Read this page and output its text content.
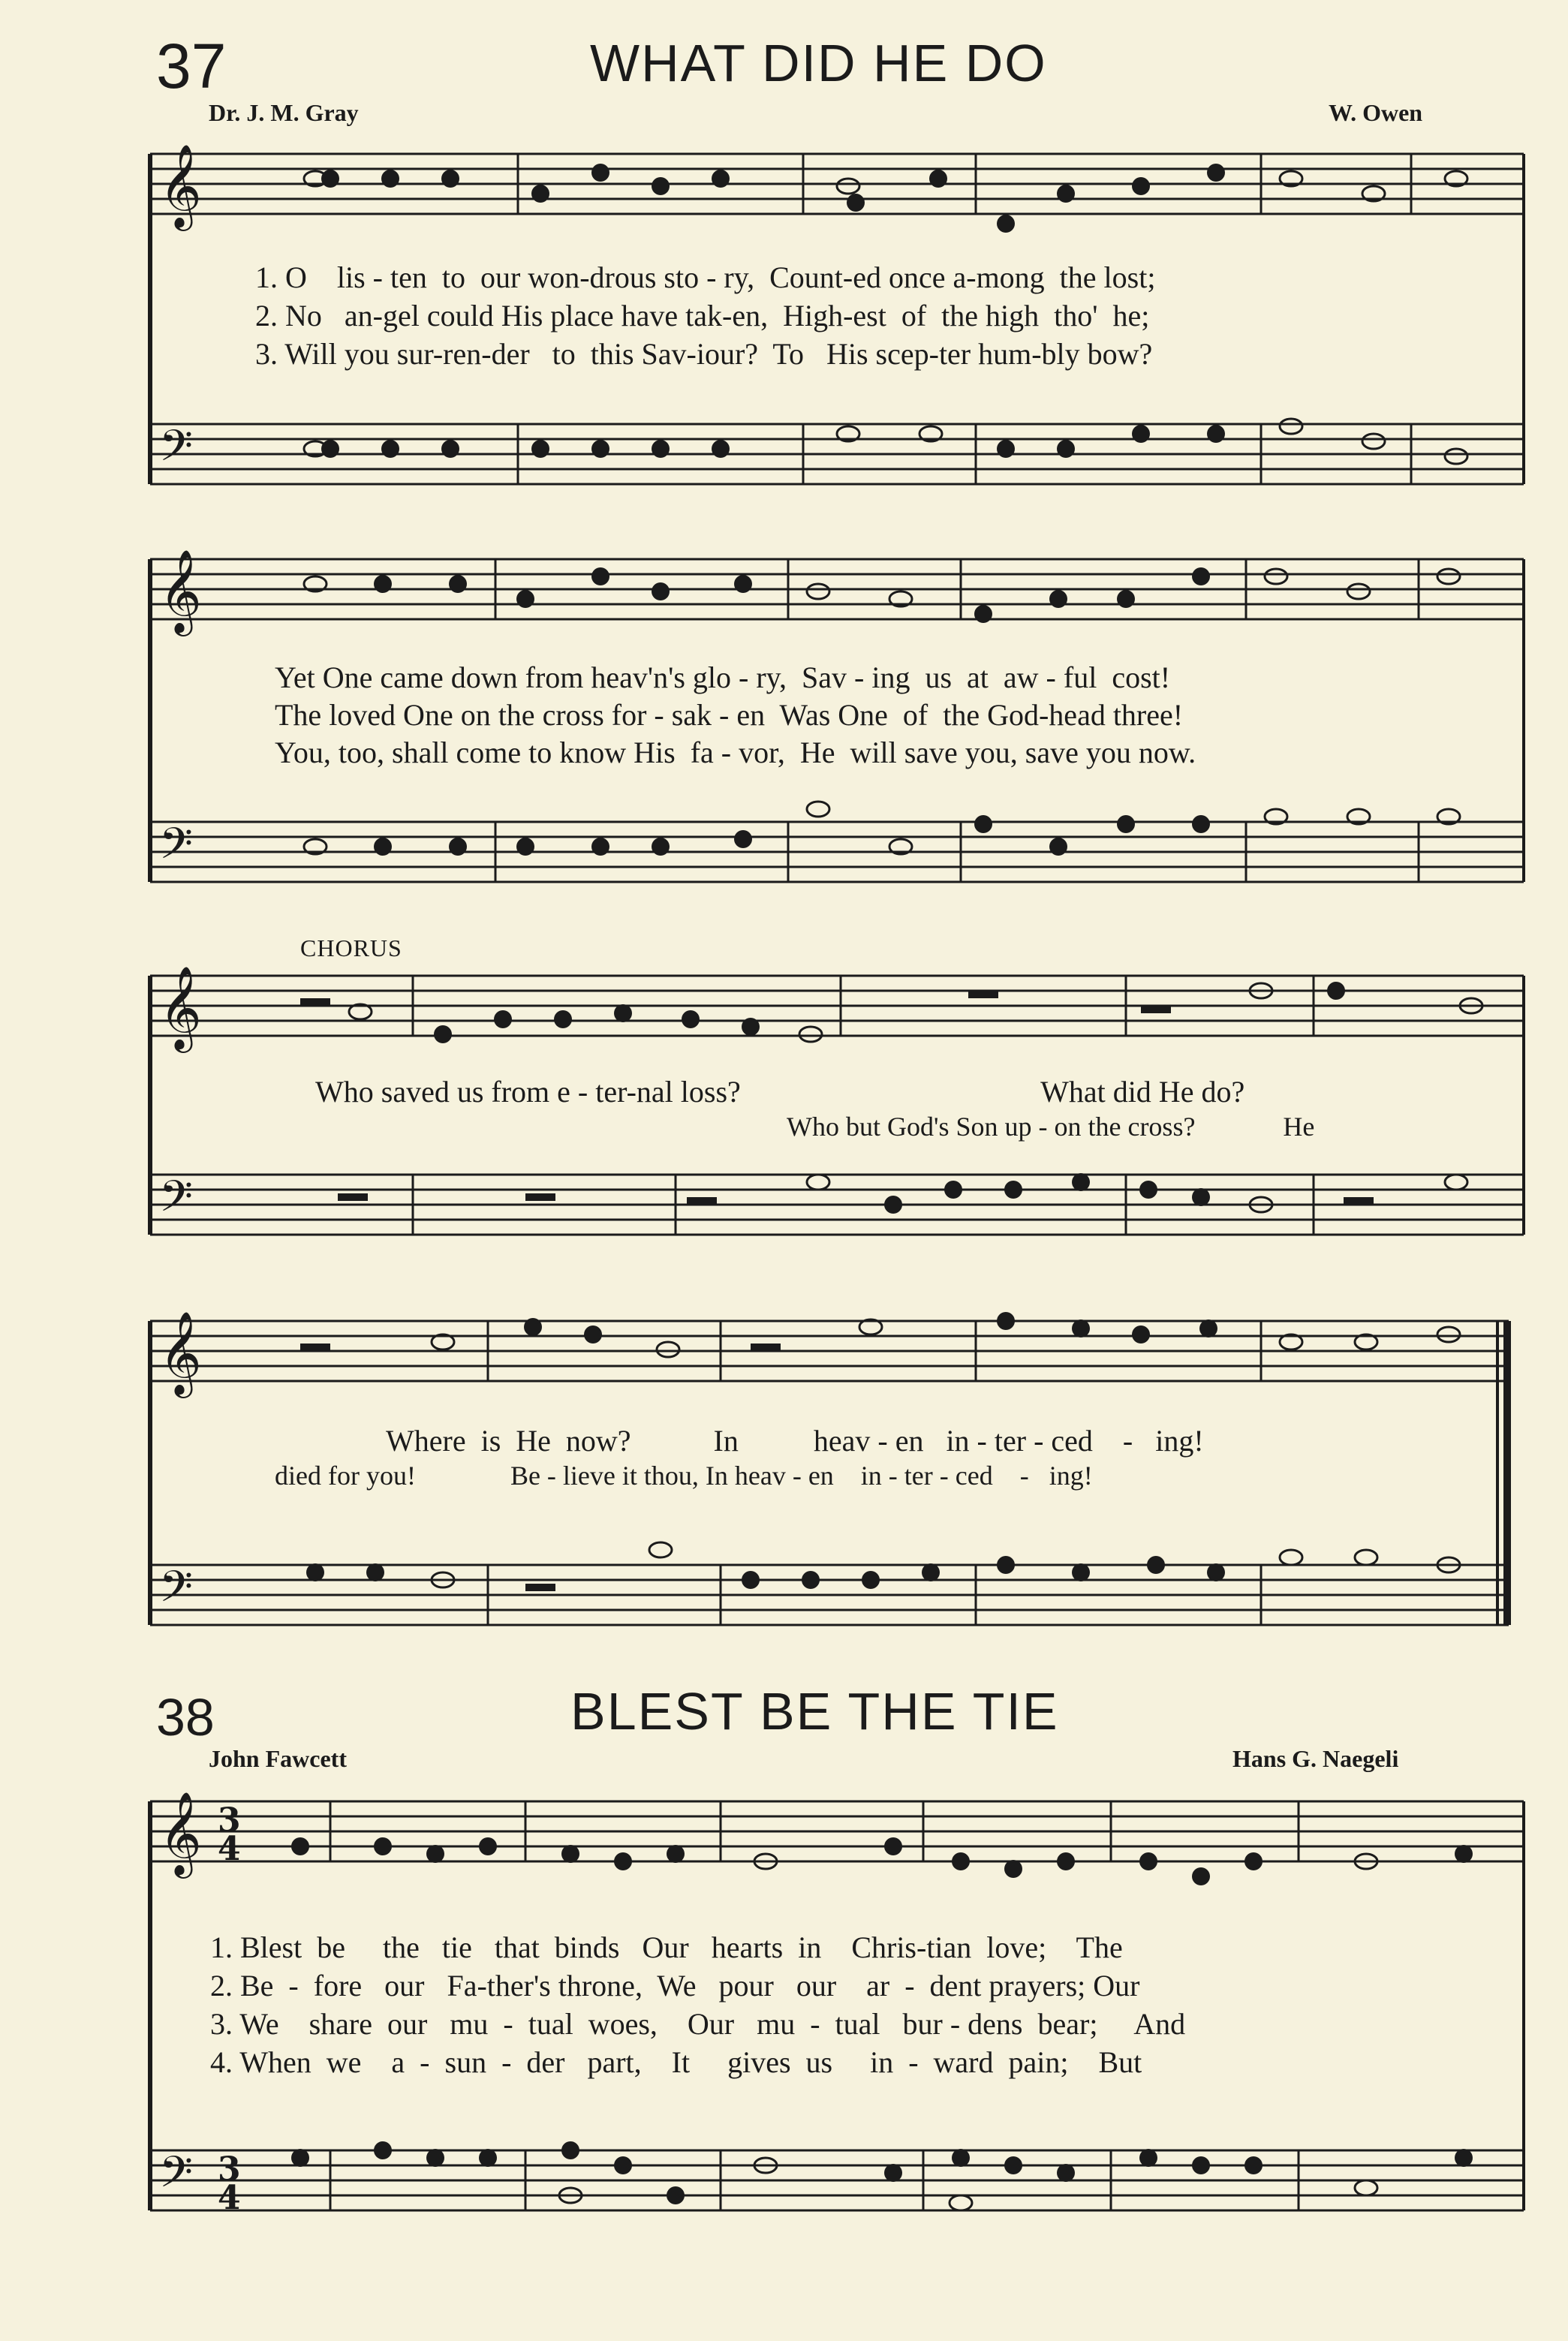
37	WHAT DID HE DO
Dr. J. M. Gray	W. Owen
𝄞
𝄢
1. O    lis - ten  to  our won-drous sto - ry,  Count-ed once a-mong  the lost;
2. No   an-gel could His place have tak-en,  High-est  of  the high  tho'  he;
3. Will you sur-ren-der   to  this Sav-iour?  To   His scep-ter hum-bly bow?
𝄞
𝄢
Yet One came down from heav'n's glo - ry,  Sav - ing  us  at  aw - ful  cost!
The loved One on the cross for - sak - en  Was One  of  the God-head three!
You, too, shall come to know His  fa - vor,  He  will save you, save you now.
CHORUS
𝄞
𝄢
Who saved us from e - ter-nal loss?                                        What did He do?
Who but God's Son up - on the cross?             He
𝄞
𝄢
Where  is  He  now?           In          heav - en   in - ter - ced    -   ing!
died for you!              Be - lieve it thou, In heav - en    in - ter - ced    -   ing!
38	BLEST BE THE TIE
John Fawcett	Hans G. Naegeli
𝄞
𝄢
3
4
3
4
1. Blest  be     the   tie   that  binds   Our   hearts  in    Chris-tian  love;    The
2. Be  -  fore   our   Fa-ther's throne,  We   pour   our    ar  -  dent prayers; Our
3. We    share  our   mu  -  tual  woes,    Our   mu  -  tual   bur - dens  bear;     And
4. When  we    a  -  sun  -  der   part,    It     gives  us     in  -  ward  pain;    But
